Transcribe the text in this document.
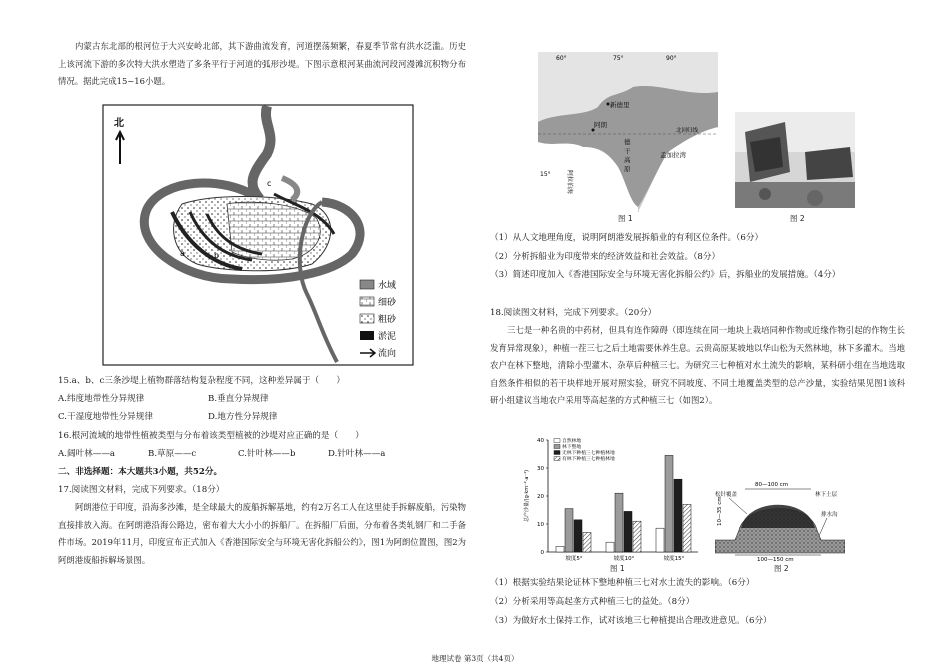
内蒙古东北部的根河位于大兴安岭北部，其下游曲流发育，河道摆荡频繁，春夏季节常有洪水泛滥。历史上该河流下游的多次特大洪水塑造了多条平行于河道的弧形沙堤。下图示意根河某曲流河段河漫滩沉积物分布情况。据此完成15~16小题。

北
a	b
c
水域
细砂
粗砂
淤泥
流向

15.a、b、c三条沙堤上植物群落结构复杂程度不同，这种差异属于（　　）

A.纬度地带性分异规律	B.垂直分异规律
C.干湿度地带性分异规律	D.地方性分异规律

16.根河流域的地带性植被类型与分布着该类型植被的沙堤对应正确的是（　　）

A.阔叶林——a	B.草原——c	C.针叶林——b	D.针叶林——a

二、非选择题：本大题共3小题，共52分。

17.阅读图文材料，完成下列要求。（18分）

阿朗港位于印度，沿海多沙滩，是全球最大的废船拆解基地，约有2万名工人在这里徒手拆解废船，污染物直接排放入海。在阿朗港沿海公路边，密布着大大小小的拆船厂。在拆船厂后面，分布着各类轧钢厂和二手备件市场。2019年11月，印度宣布正式加入《香港国际安全与环境无害化拆船公约》，图1为阿朗位置图，图2为阿朗港废船拆解场景图。

60°	75°	90°
15°
新德里
阿朗
德
干
高
原
阿拉伯海
孟加拉湾
北回归线
图 1	图 2

（1）从人文地理角度，说明阿朗港发展拆船业的有利区位条件。（6分）

（2）分析拆船业为印度带来的经济效益和社会效益。（8分）

（3）简述印度加入《香港国际安全与环境无害化拆船公约》后，拆船业的发展措施。（4分）

18.阅读图文材料，完成下列要求。（20分）

三七是一种名贵的中药材，但具有连作障碍（即连续在同一地块上栽培同种作物或近缘作物引起的作物生长发育异常现象），种植一茬三七之后土地需要休养生息。云贵高原某坡地以华山松为天然林地，林下多灌木。当地农户在林下整地，清除小型灌木、杂草后种植三七。为研究三七种植对水土流失的影响，某科研小组在当地选取自然条件相似的若干块样地开展对照实验，研究不同坡度、不同土地覆盖类型的总产沙量，实验结果见图1该科研小组建议当地农户采用等高起垄的方式种植三七（如图2）。

0
10
20
30
40
总产沙量/(g·km⁻²·a⁻¹)
坡度5°	坡度10°	坡度15°
自然林地
林下整地
无林下种植三七种植林地
有林下种植三七种植林地
图 1
松针覆盖
80—100 cm
林下土层
排水沟
10—35 cm
100—150 cm
图 2

（1）根据实验结果论证林下整地种植三七对水土流失的影响。（6分）

（2）分析采用等高起垄方式种植三七的益处。（8分）

（3）为做好水土保持工作，试对该地三七种植提出合理改进意见。（6分）

地理试卷 第3页（共4页）
